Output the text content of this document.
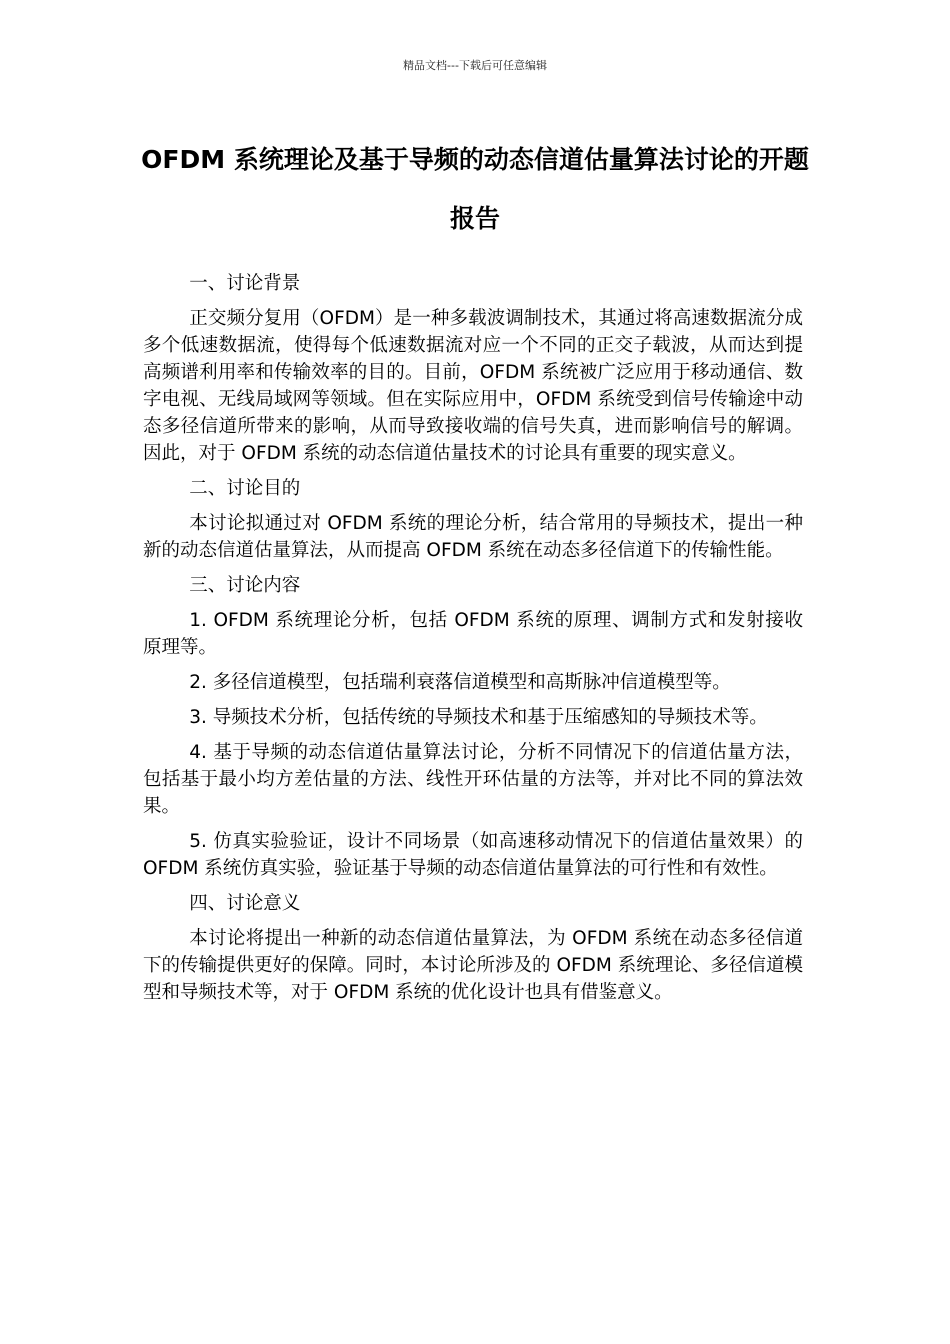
精品文档---下载后可任意编辑
OFDM 系统理论及基于导频的动态信道估量算法讨论的开题报告

一、讨论背景

正交频分复用（OFDM）是一种多载波调制技术，其通过将高速数据流分成多个低速数据流，使得每个低速数据流对应一个不同的正交子载波，从而达到提高频谱利用率和传输效率的目的。目前，OFDM 系统被广泛应用于移动通信、数字电视、无线局域网等领域。但在实际应用中，OFDM 系统受到信号传输途中动态多径信道所带来的影响，从而导致接收端的信号失真，进而影响信号的解调。因此，对于 OFDM 系统的动态信道估量技术的讨论具有重要的现实意义。

二、讨论目的

本讨论拟通过对 OFDM 系统的理论分析，结合常用的导频技术，提出一种新的动态信道估量算法，从而提高 OFDM 系统在动态多径信道下的传输性能。

三、讨论内容

1. OFDM 系统理论分析，包括 OFDM 系统的原理、调制方式和发射接收原理等。

2. 多径信道模型，包括瑞利衰落信道模型和高斯脉冲信道模型等。

3. 导频技术分析，包括传统的导频技术和基于压缩感知的导频技术等。

4. 基于导频的动态信道估量算法讨论，分析不同情况下的信道估量方法，包括基于最小均方差估量的方法、线性开环估量的方法等，并对比不同的算法效果。

5. 仿真实验验证，设计不同场景（如高速移动情况下的信道估量效果）的 OFDM 系统仿真实验，验证基于导频的动态信道估量算法的可行性和有效性。

四、讨论意义

本讨论将提出一种新的动态信道估量算法，为 OFDM 系统在动态多径信道下的传输提供更好的保障。同时，本讨论所涉及的 OFDM 系统理论、多径信道模型和导频技术等，对于 OFDM 系统的优化设计也具有借鉴意义。
